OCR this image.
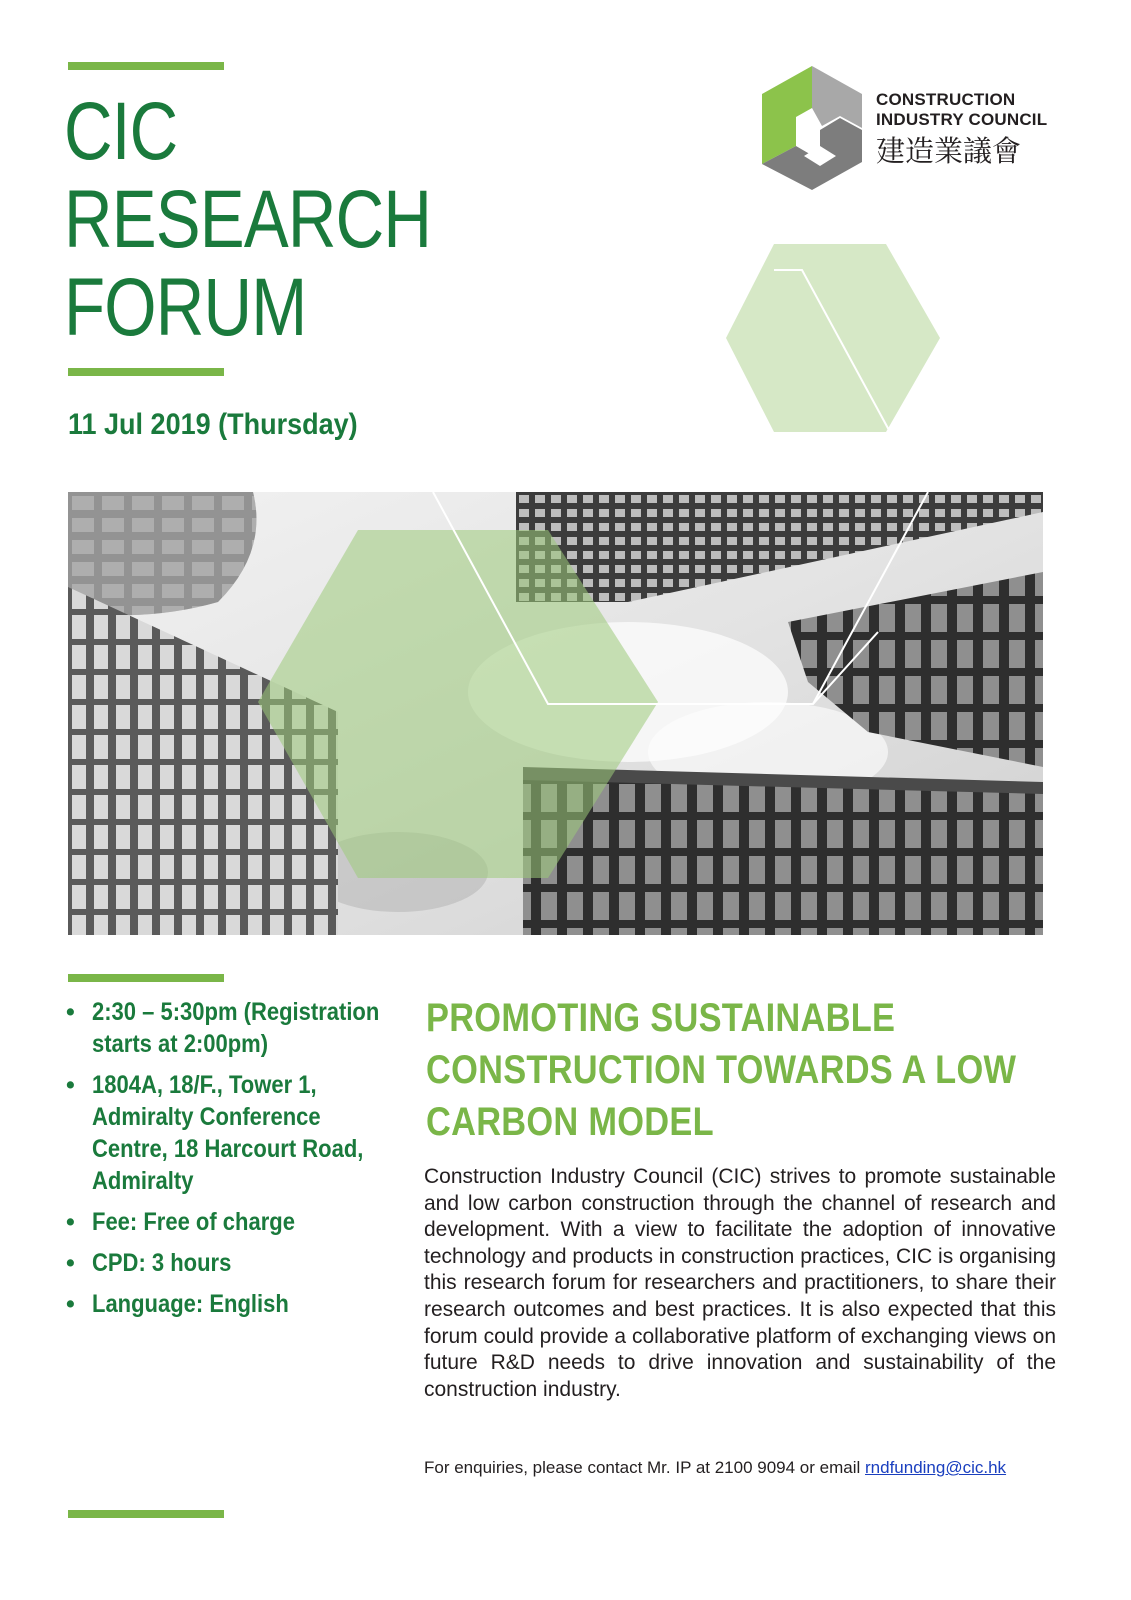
CIC
RESEARCH
FORUM
11 Jul 2019 (Thursday)
CONSTRUCTION
INDUSTRY COUNCIL
建造業議會
• 2:30 – 5:30pm (Registration starts at 2:00pm)
• 1804A, 18/F., Tower 1, Admiralty Conference Centre, 18 Harcourt Road, Admiralty
• Fee: Free of charge
• CPD: 3 hours
• Language: English
PROMOTING SUSTAINABLE
CONSTRUCTION TOWARDS A LOW
CARBON MODEL

Construction Industry Council (CIC) strives to promote sustainable and low carbon construction through the channel of research and development. With a view to facilitate the adoption of innovative technology and products in construction practices, CIC is organising this research forum for researchers and practitioners, to share their research outcomes and best practices. It is also expected that this forum could provide a collaborative platform of exchanging views on future R&D needs to drive innovation and sustainability of the construction industry.

For enquiries, please contact Mr. IP at 2100 9094 or email rndfunding@cic.hk
